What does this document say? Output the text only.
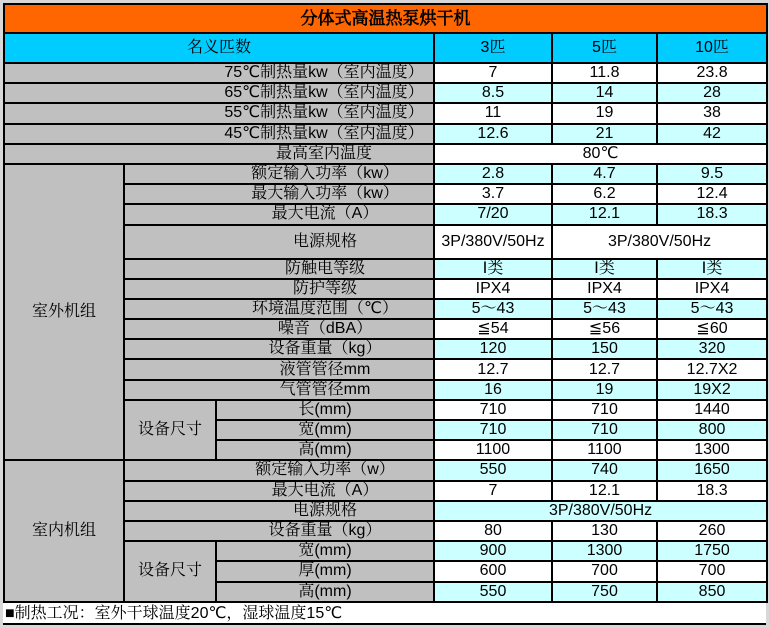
分体式高温热泵烘干机					
名义匹数			3匹	5匹	10匹
75℃制热量kw（室内温度）			7	11.8	23.8
65℃制热量kw（室内温度）			8.5	14	28
55℃制热量kw（室内温度）			11	19	38
45℃制热量kw（室内温度）			12.6	21	42
最高室内温度			80℃		
室外机组	额定输入功率（kw）		2.8	4.7	9.5
	最大输入功率（kw）		3.7	6.2	12.4
	最大电流（A）		7/20	12.1	18.3
	电源规格		3P/380V/50Hz	3P/380V/50Hz	
	防触电等级		Ⅰ类	Ⅰ类	Ⅰ类
	防护等级		IPX4	IPX4	IPX4
	环境温度范围（℃）		5～43	5～43	5～43
	噪音（dBA）		≦54	≦56	≦60
	设备重量（kg）		120	150	320
	液管管径mm		12.7	12.7	12.7X2
	气管管径mm		16	19	19X2
	设备尺寸	长(mm)	710	710	1440
		宽(mm)	710	710	800
		高(mm)	1100	1100	1300
室内机组	额定输入功率（w）		550	740	1650
	最大电流（A）		7	12.1	18.3
	电源规格		3P/380V/50Hz		
	设备重量（kg）		80	130	260
	设备尺寸	宽(mm)	900	1300	1750
		厚(mm)	600	700	700
		高(mm)	550	750	850
■制热工况：室外干球温度20℃，湿球温度15℃
